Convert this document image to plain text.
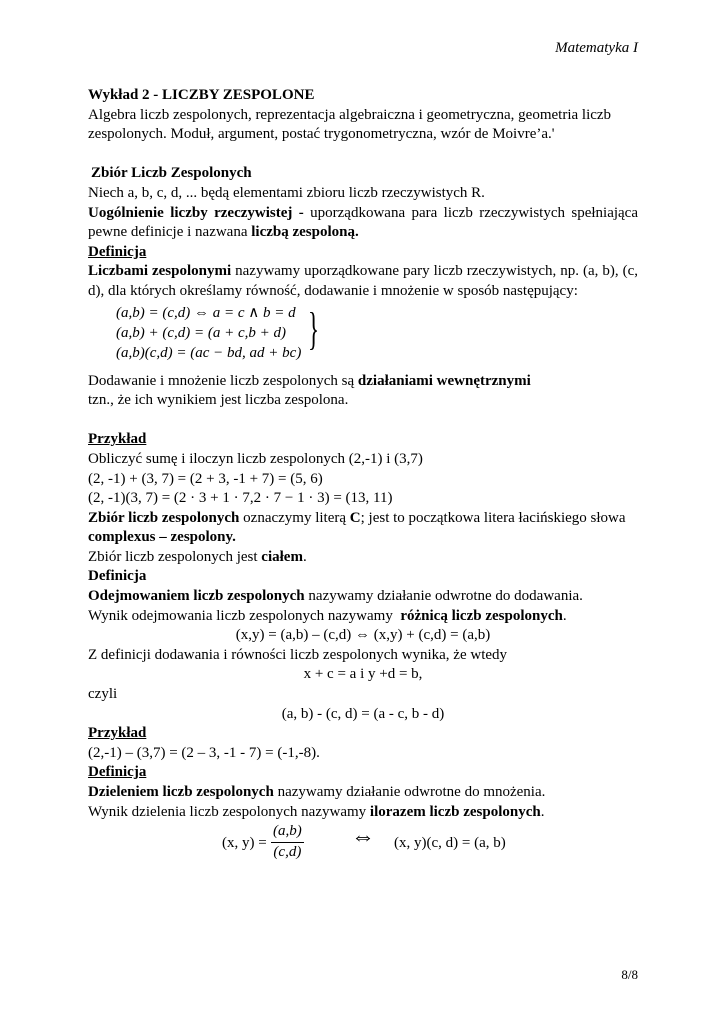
Matematyka I
Wykład 2 - LICZBY ZESPOLONE
Algebra liczb zespolonych, reprezentacja algebraiczna i geometryczna, geometria liczb
zespolonych. Moduł, argument, postać trygonometryczna, wzór de Moivre’a.'
Zbiór Liczb Zespolonych
Niech a, b, c, d, ... będą elementami zbioru liczb rzeczywistych R.
Uogólnienie liczby rzeczywistej - uporządkowana para liczb rzeczywistych spełniająca
pewne definicje i nazwana liczbą zespoloną.
Definicja
Liczbami zespolonymi nazywamy uporządkowane pary liczb rzeczywistych, np. (a, b), (c,
d), dla których określamy równość, dodawanie i mnożenie w sposób następujący:
(a,b) = (c,d) ⇔ a = c ∧ b = d
(a,b) + (c,d) = (a + c,b + d)
(a,b)(c,d) = (ac − bd, ad + bc) }
Dodawanie i mnożenie liczb zespolonych są działaniami wewnętrznymi
tzn., że ich wynikiem jest liczba zespolona.
Przykład
Obliczyć sumę i iloczyn liczb zespolonych (2,-1) i (3,7)
(2, -1) + (3, 7) = (2 + 3, -1 + 7) = (5, 6)
(2, -1)(3, 7) = (2 · 3 + 1 · 7,2 · 7 − 1 · 3) = (13, 11)
Zbiór liczb zespolonych oznaczymy literą C; jest to początkowa litera łacińskiego słowa
complexus – zespolony.
Zbiór liczb zespolonych jest ciałem.
Definicja
Odejmowaniem liczb zespolonych nazywamy działanie odwrotne do dodawania.
Wynik odejmowania liczb zespolonych nazywamy różnicą liczb zespolonych.
(x,y) = (a,b) – (c,d) ⇔ (x,y) + (c,d) = (a,b)
Z definicji dodawania i równości liczb zespolonych wynika, że wtedy
x + c = a i y +d = b,
czyli
(a, b) - (c, d) = (a - c, b - d)
Przykład
(2,-1) – (3,7) = (2 – 3, -1 - 7) = (-1,-8).
Definicja
Dzieleniem liczb zespolonych nazywamy działanie odwrotne do mnożenia.
Wynik dzielenia liczb zespolonych nazywamy ilorazem liczb zespolonych.
(x, $y) = \frac{(a,b)}{(c,d)}$ ⇔ (x, y)(c, d) = (a, b)
8/8
